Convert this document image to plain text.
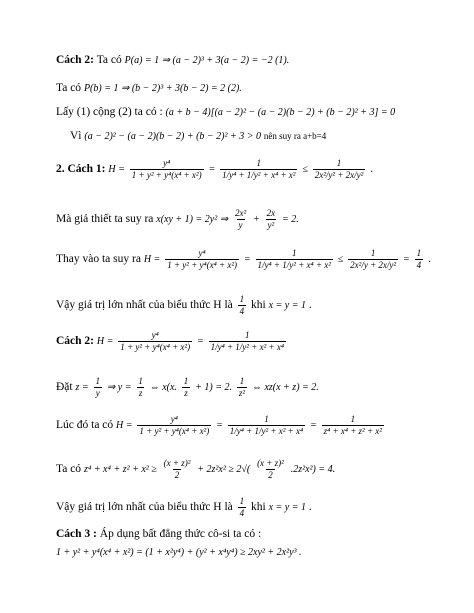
Cách 2: Ta có P(a) = 1 ⇒ (a − 2)³ + 3(a − 2) = −2 (1).
Ta có P(b) = 1 ⇒ (b − 2)³ + 3(b − 2) = 2 (2).
Lấy (1) cộng (2) ta có : (a + b − 4)[(a − 2)² − (a − 2)(b − 2) + (b − 2)² + 3] = 0
Vì (a − 2)² − (a − 2)(b − 2) + (b − 2)² + 3 > 0 nên suy ra a+b=4
2. Cách 1: $H = \frac{\text{y⁴}}{\text{1 + y² + y⁴(x⁴ + x²)}} = \frac{1}{\text{1/y⁴ + 1/y² + x⁴ + x²}} \le \frac{1}{\text{2x²/y² + 2x/y²}}$ .
Mà giả thiết ta suy ra x(xy + 1) = 2y² ⇒ $\frac{\text{2x²}}{y} + \frac{2x}{\text{y²}} = 2$.
Thay vào ta suy ra $H = \frac{\text{y⁴}}{\text{1 + y² + y⁴(x⁴ + x²)}} = \frac{1}{\text{1/y⁴ + 1/y² + x⁴ + x²}} \le \frac{1}{\text{2x²/y + 2x/y²}} = \frac{1}{4}$ .
Vậy giá trị lớn nhất của biểu thức H là $\frac{1}{4}$ khi x = y = 1 .
Cách 2: $H = \frac{\text{y⁴}}{\text{1 + y² + y⁴(x⁴ + x²)}} = \frac{1}{\text{1/y⁴ + 1/y² + x² + x⁴}}$
Đặt $z = \frac{1}{y}$ ⇒ $y = \frac{1}{z}$ ⇔ x(x. $\frac{1}{z} + 1) = 2$. $\frac{1}{\text{z²}}$ ⇔ xz(x + z) = 2.
Lúc đó ta có $H = \frac{\text{y⁴}}{\text{1 + y² + y⁴(x⁴ + x²)}} = \frac{1}{\text{1/y⁴ + 1/y² + x² + x⁴}} = \frac{1}{\text{z⁴ + x⁴ + z² + x²}}$
Ta có $z^4 + x^4 + z^2 + x^2 \ge \frac{\text{(x + z)²}}{2} + 2z^2x^2 \ge 2√( \frac{\text{(x + z)²}}{2} .2z^2x^2) = 4$.
Vậy giá trị lớn nhất của biểu thức H là $\frac{1}{4}$ khi x = y = 1 .
Cách 3 : Áp dụng bất đẳng thức cô-si ta có :
1 + y² + y⁴(x⁴ + x²) = (1 + x²y⁴) + (y² + x⁴y⁴) ≥ 2xy² + 2x²y³ .
